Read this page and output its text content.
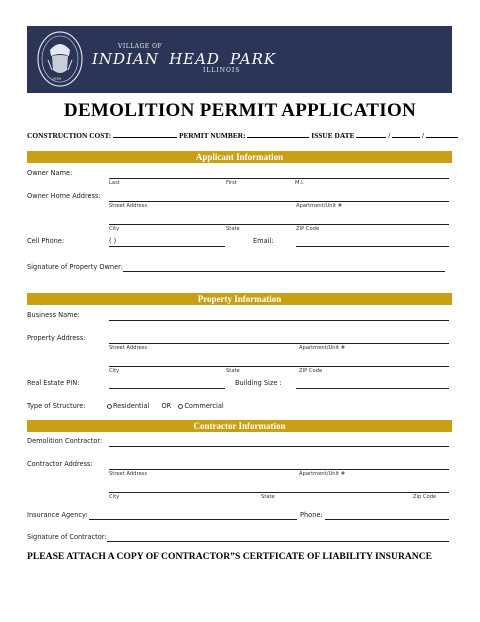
1959
VILLAGE OF
INDIAN HEAD PARK
ILLINOIS
DEMOLITION PERMIT APPLICATION
CONSTRUCTION COST:	PERMIT NUMBER:	ISSUE DATE	/	/
Applicant Information
Owner Name:
Last	First	M.I.
Owner Home Address:
Street Address	Apartment/Unit #
City	State	ZIP Code
Cell Phone:	( )	Email:
Signature of Property Owner:
Property Information
Business Name:
Property Address:
Street Address	Apartment/Unit #
City	State	ZIP Code
Real Estate PIN:	Building Size :
Type of Structure:	Residential OR Commercial
Contractor Information
Demolition Contractor:
Contractor Address:
Street Address	Apartment/Unit #
City	State	Zip Code
Insurance Agency:	Phone:
Signature of Contractor:
PLEASE ATTACH A COPY OF CONTRACTOR”S CERTFICATE OF LIABILITY INSURANCE
